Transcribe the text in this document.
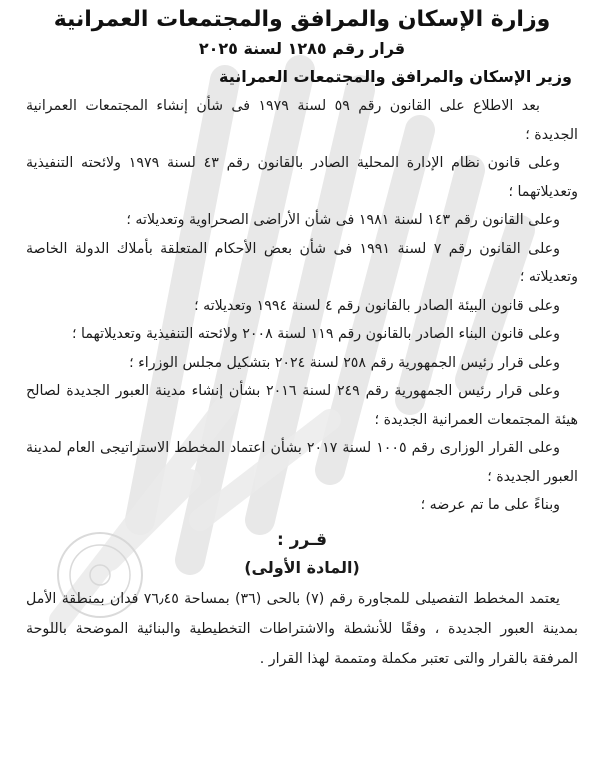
وزارة الإسكان والمرافق والمجتمعات العمرانية
قرار رقم ١٢٨٥ لسنة ٢٠٢٥
وزير الإسكان والمرافق والمجتمعات العمرانية
بعد الاطلاع على القانون رقم ٥٩ لسنة ١٩٧٩ فى شأن إنشاء المجتمعات العمرانية الجديدة ؛
وعلى قانون نظام الإدارة المحلية الصادر بالقانون رقم ٤٣ لسنة ١٩٧٩ ولائحته التنفيذية وتعديلاتهما ؛
وعلى القانون رقم ١٤٣ لسنة ١٩٨١ فى شأن الأراضى الصحراوية وتعديلاته ؛
وعلى القانون رقم ٧ لسنة ١٩٩١ فى شأن بعض الأحكام المتعلقة بأملاك الدولة الخاصة وتعديلاته ؛
وعلى قانون البيئة الصادر بالقانون رقم ٤ لسنة ١٩٩٤ وتعديلاته ؛
وعلى قانون البناء الصادر بالقانون رقم ١١٩ لسنة ٢٠٠٨ ولائحته التنفيذية وتعديلاتهما ؛
وعلى قرار رئيس الجمهورية رقم ٢٥٨ لسنة ٢٠٢٤ بتشكيل مجلس الوزراء ؛
وعلى قرار رئيس الجمهورية رقم ٢٤٩ لسنة ٢٠١٦ بشأن إنشاء مدينة العبور الجديدة لصالح هيئة المجتمعات العمرانية الجديدة ؛
وعلى القرار الوزارى رقم ١٠٠٥ لسنة ٢٠١٧ بشأن اعتماد المخطط الاستراتيجى العام لمدينة العبور الجديدة ؛
وبناءً على ما تم عرضه ؛
قـرر :
(المادة الأولى)

يعتمد المخطط التفصيلى للمجاورة رقم (٧) بالحى (٣٦) بمساحة ٧٦٫٤٥ فدان بمنطقة الأمل بمدينة العبور الجديدة ، وفقًا للأنشطة والاشتراطات التخطيطية والبنائية الموضحة باللوحة المرفقة بالقرار والتى تعتبر مكملة ومتممة لهذا القرار .
